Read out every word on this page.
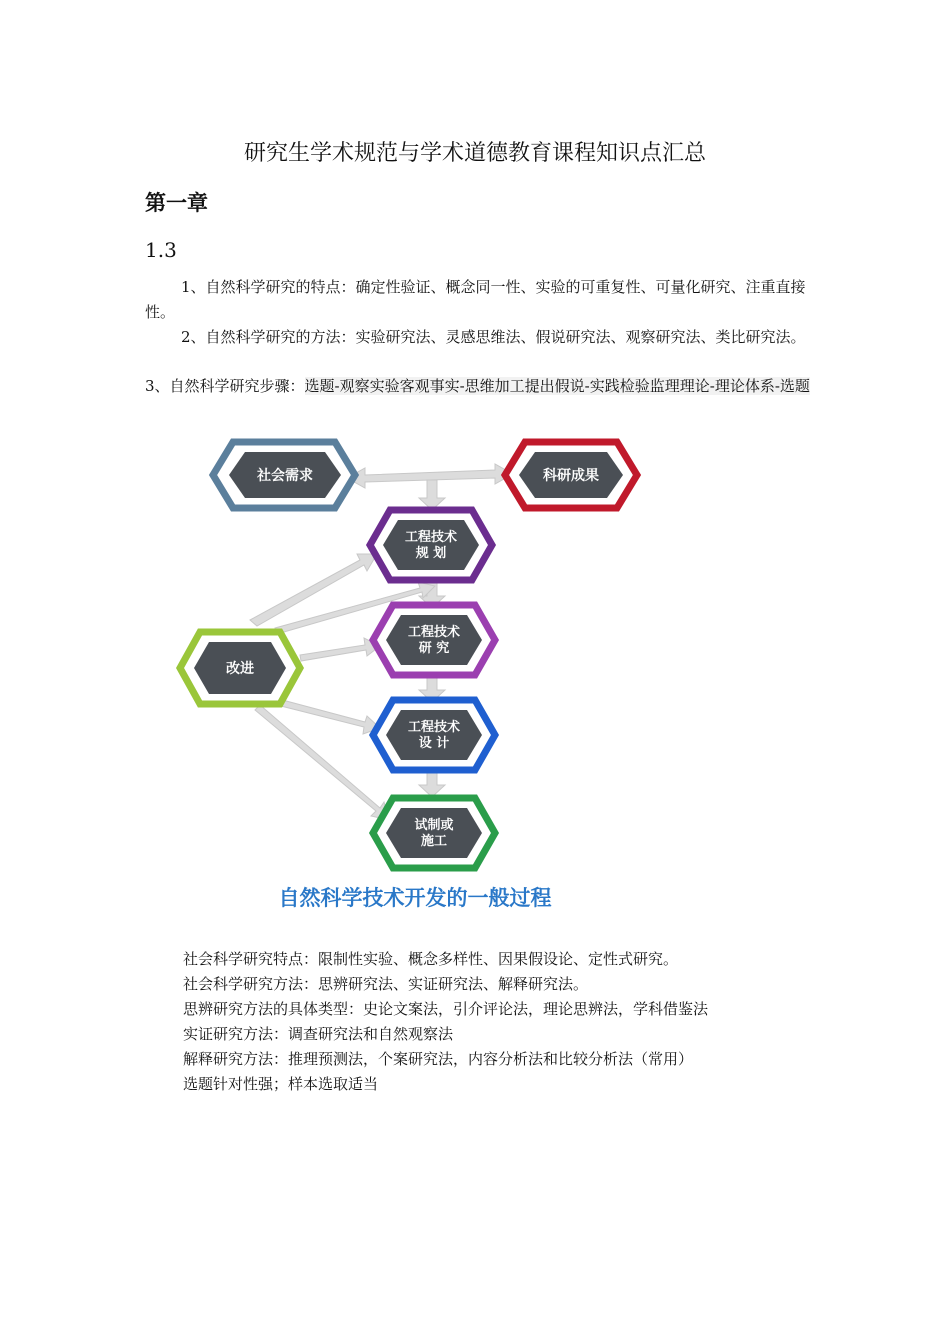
研究生学术规范与学术道德教育课程知识点汇总
第一章
1.3
1、自然科学研究的特点：确定性验证、概念同一性、实验的可重复性、可量化研究、注重直接性。
2、自然科学研究的方法：实验研究法、灵感思维法、假说研究法、观察研究法、类比研究法。
3、自然科学研究步骤：选题-观察实验客观事实-思维加工提出假说-实践检验监理理论-理论体系-选题
社会需求	科研成果
工程技术
规 划
工程技术
研 究
工程技术
设 计
试制或
施工
改进
自然科学技术开发的一般过程
社会科学研究特点：限制性实验、概念多样性、因果假设论、定性式研究。
社会科学研究方法：思辨研究法、实证研究法、解释研究法。
思辨研究方法的具体类型：史论文案法，引介评论法，理论思辨法，学科借鉴法
实证研究方法：调查研究法和自然观察法
解释研究方法：推理预测法，个案研究法，内容分析法和比较分析法（常用）
选题针对性强；样本选取适当
